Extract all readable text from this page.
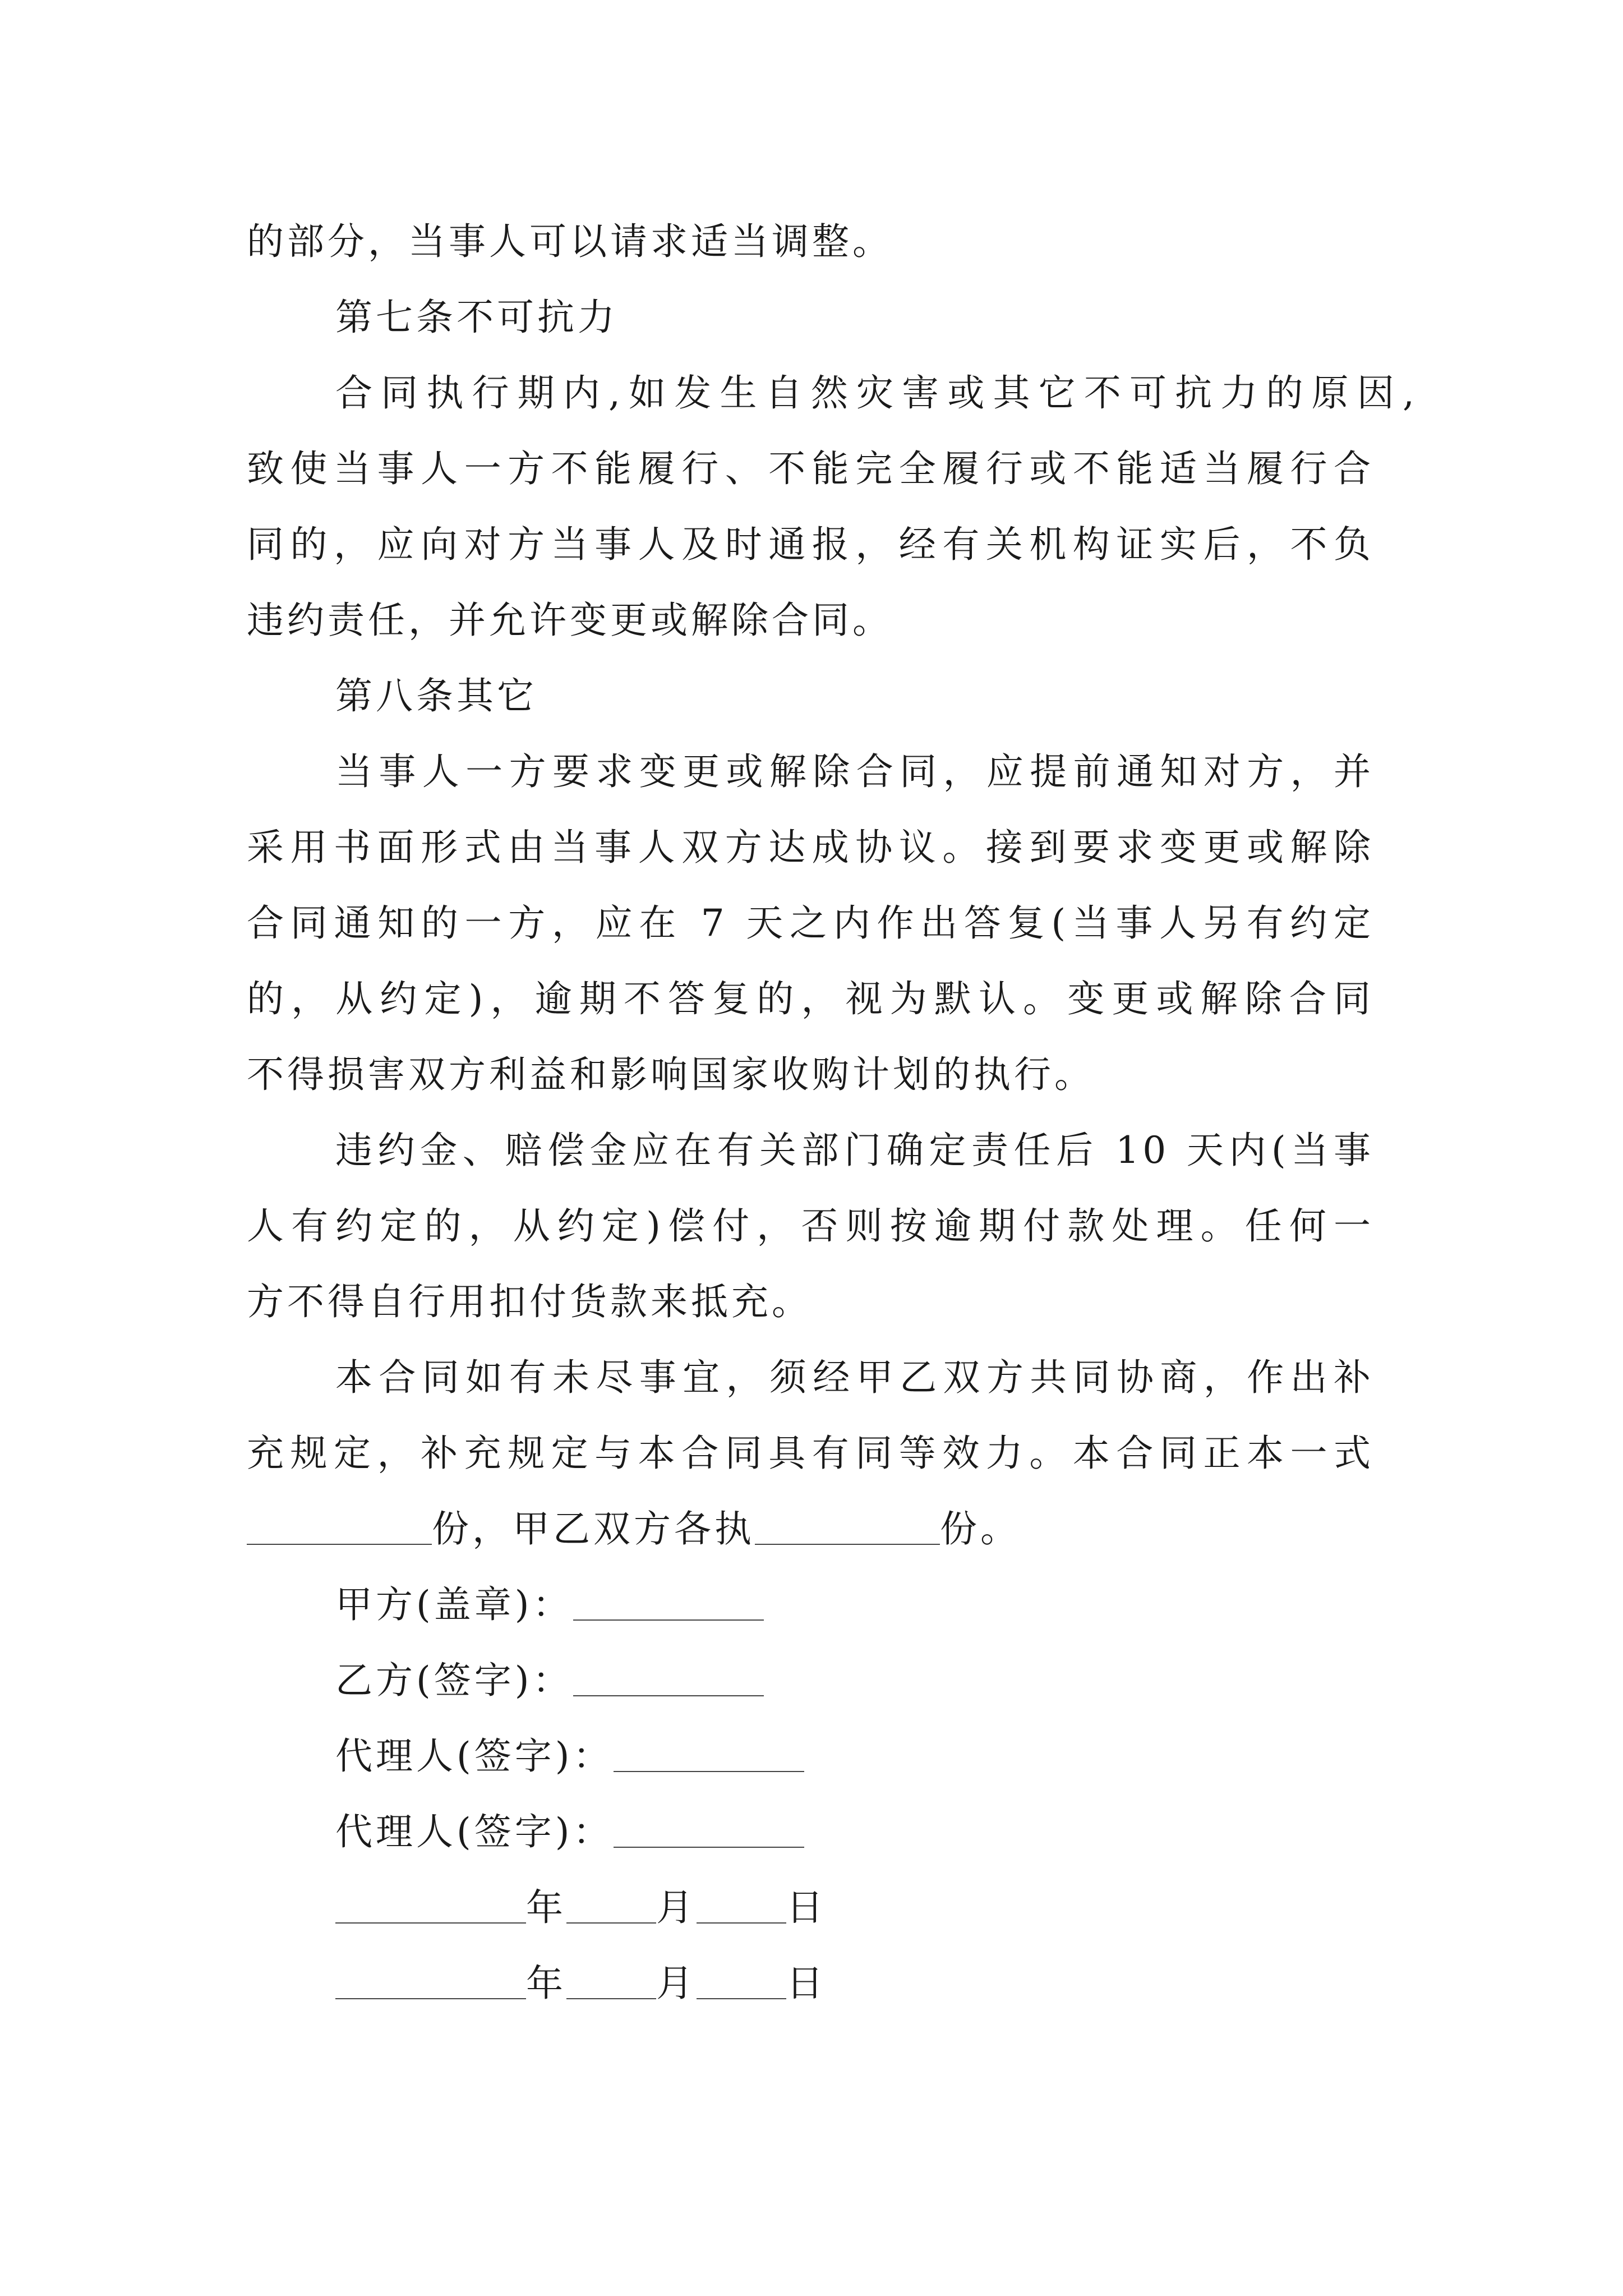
的部分，当事人可以请求适当调整。
第七条不可抗力
合同执行期内,如发生自然灾害或其它不可抗力的原因,
致使当事人一方不能履行、不能完全履行或不能适当履行合
同的，应向对方当事人及时通报，经有关机构证实后，不负
违约责任，并允许变更或解除合同。
第八条其它
当事人一方要求变更或解除合同，应提前通知对方，并
采用书面形式由当事人双方达成协议。接到要求变更或解除
合同通知的一方，应在 7 天之内作出答复(当事人另有约定
的，从约定)，逾期不答复的，视为默认。变更或解除合同
不得损害双方利益和影响国家收购计划的执行。
违约金、赔偿金应在有关部门确定责任后 10 天内(当事
人有约定的，从约定)偿付，否则按逾期付款处理。任何一
方不得自行用扣付货款来抵充。
本合同如有未尽事宜，须经甲乙双方共同协商，作出补
充规定，补充规定与本合同具有同等效力。本合同正本一式
份，甲乙双方各执	份。
甲方(盖章)：
乙方(签字)：
代理人(签字)：
代理人(签字)：
年 月 日
年 月 日
